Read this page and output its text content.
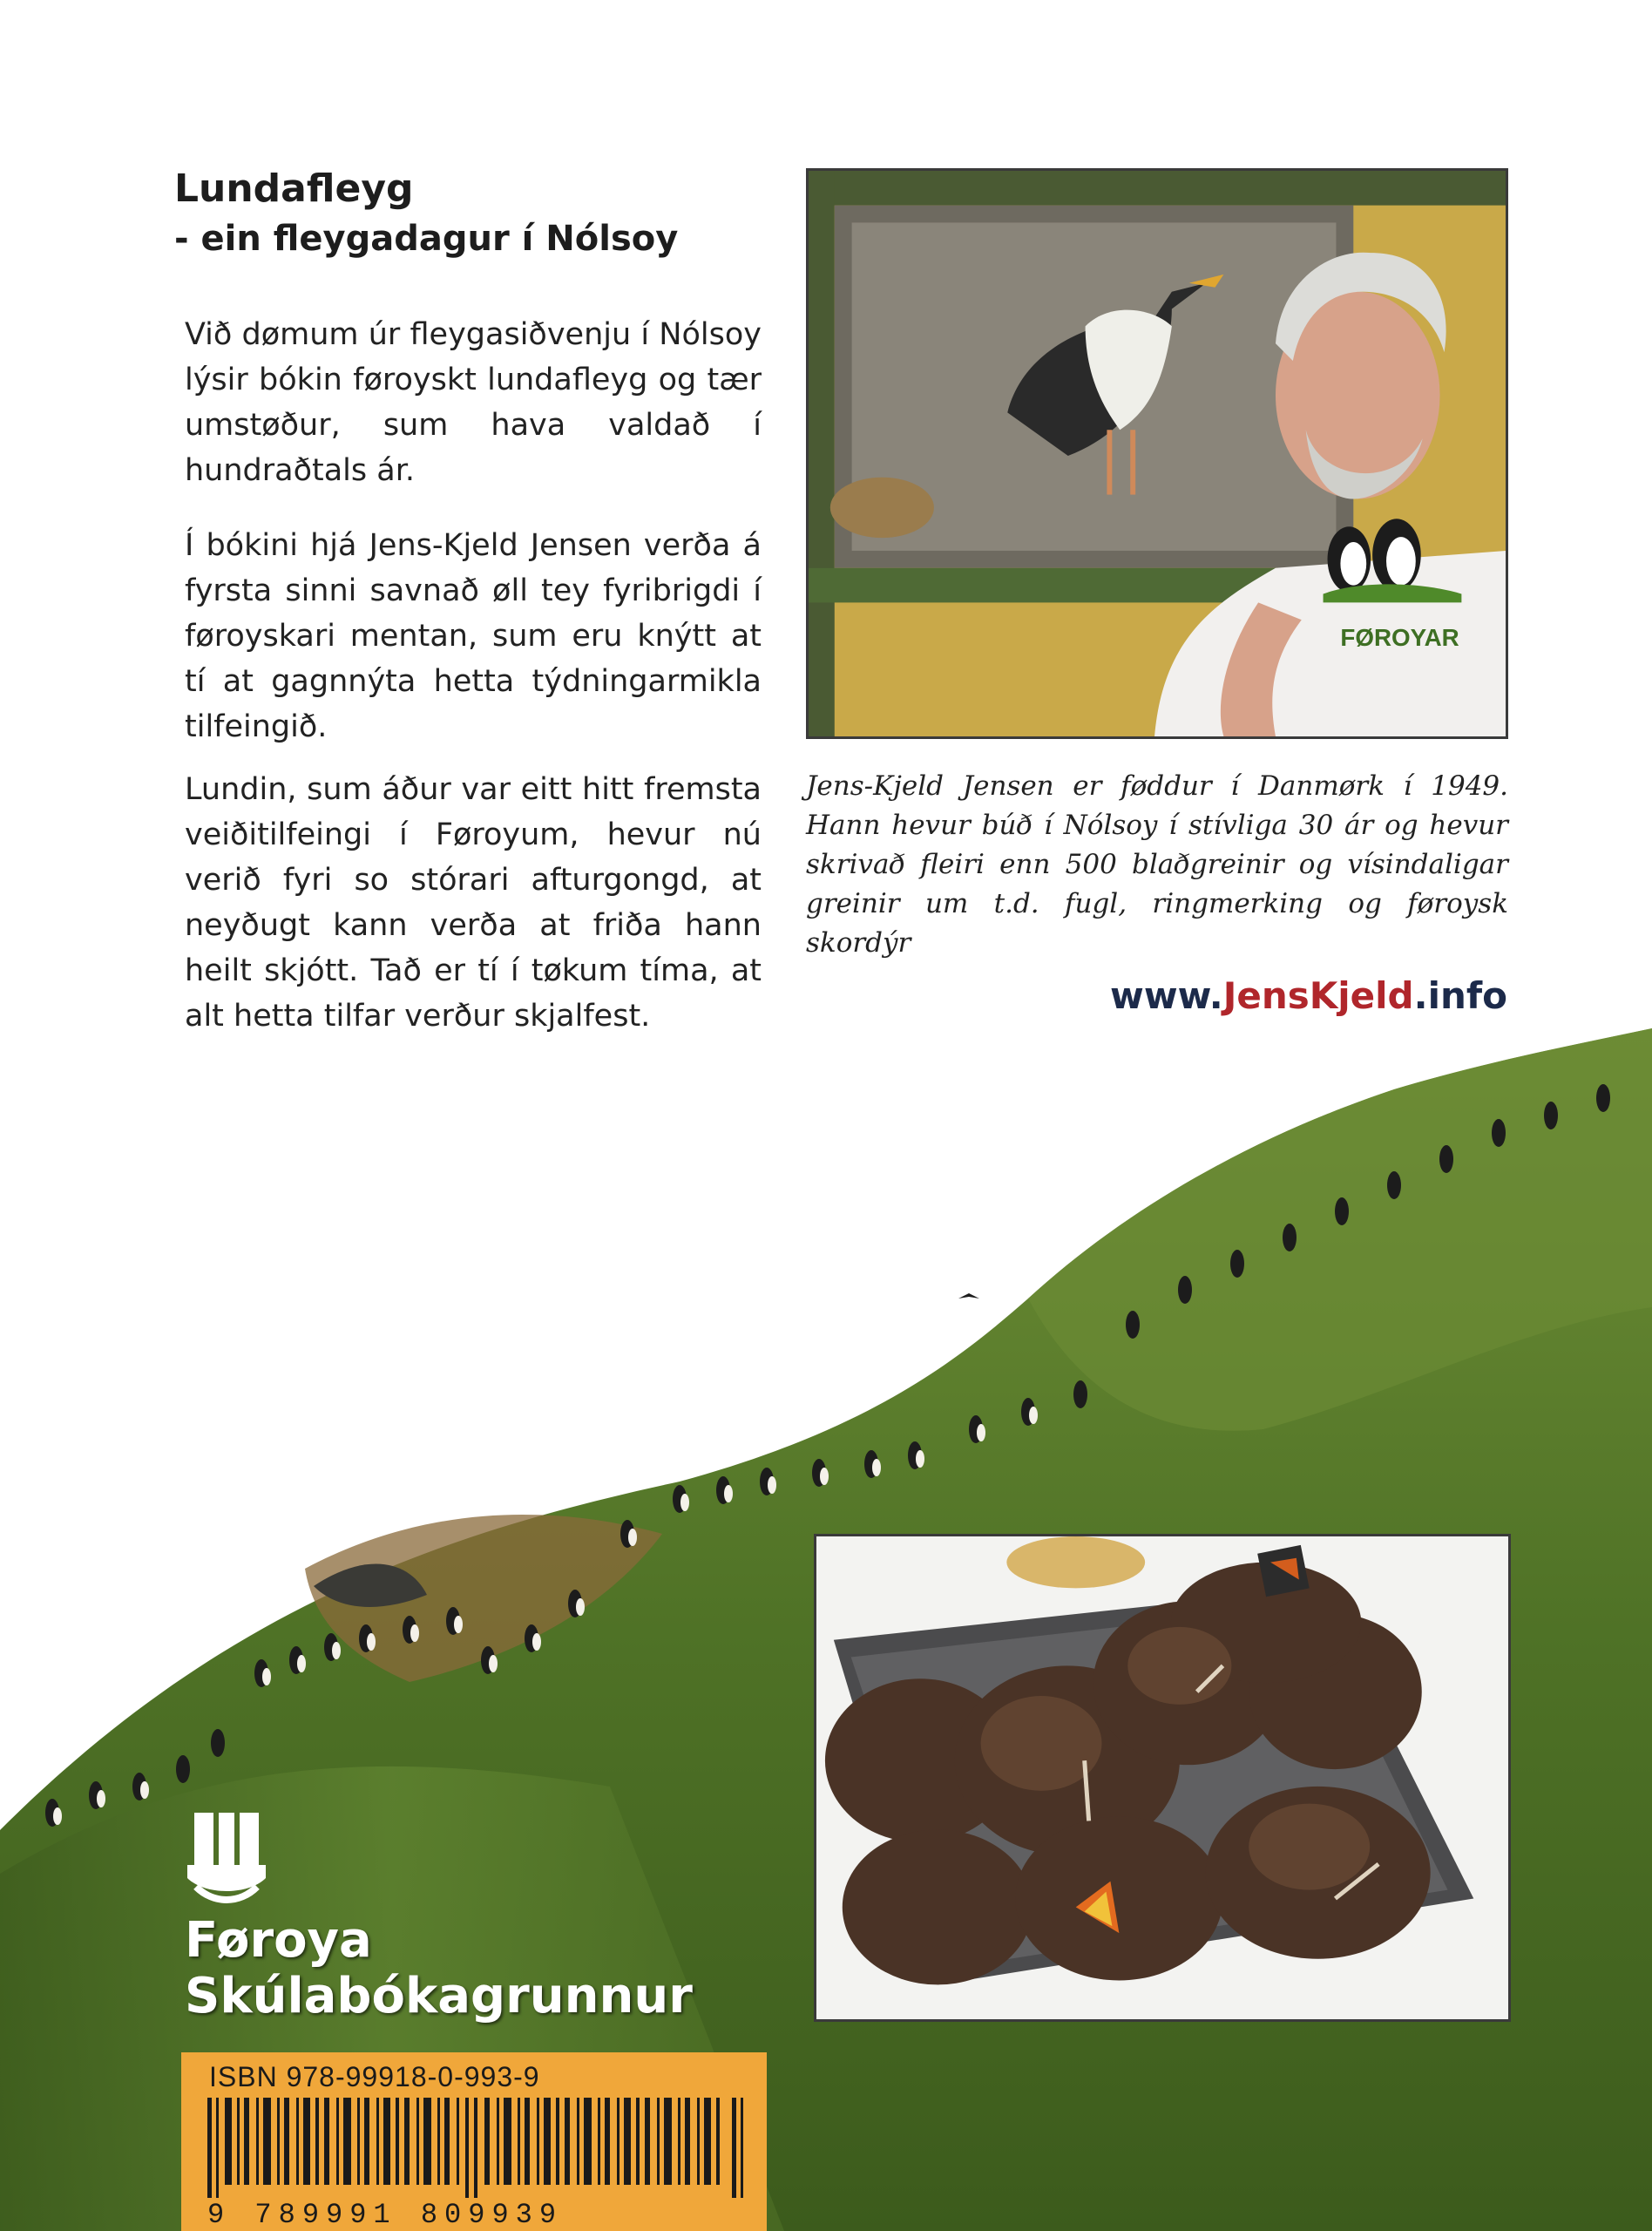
Lundafleyg
- ein fleygadagur í Nólsoy

Við dømum úr fleygasiðvenju í Nólsoy lýsir bókin føroyskt lundafleyg og tær umstøður, sum hava valdað í hundraðtals ár.

Í bókini hjá Jens-Kjeld Jensen verða á fyrsta sinni savnað øll tey fyribrigdi í føroyskari mentan, sum eru knýtt at tí at gagnnýta hetta týdningarmikla tilfeingið.

Lundin, sum áður var eitt hitt fremsta veiðitilfeingi í Føroyum, hevur nú verið fyri so stórari afturgongd, at neyðugt kann verða at friða hann heilt skjótt. Tað er tí í tøkum tíma, at alt hetta tilfar verður skjalfest.

FØROYAR

Jens-Kjeld Jensen er føddur í Danmørk í 1949. Hann hevur búð í Nólsoy í stívliga 30 ár og hevur skrivað fleiri enn 500 blaðgreinir og vísindaligar greinir um t.d. fugl, ringmerking og føroysk skordýr

www.JensKjeld.info
Føroya
Skúlabókagrunnur
ISBN 978-99918-0-993-9
9 789991 809939
